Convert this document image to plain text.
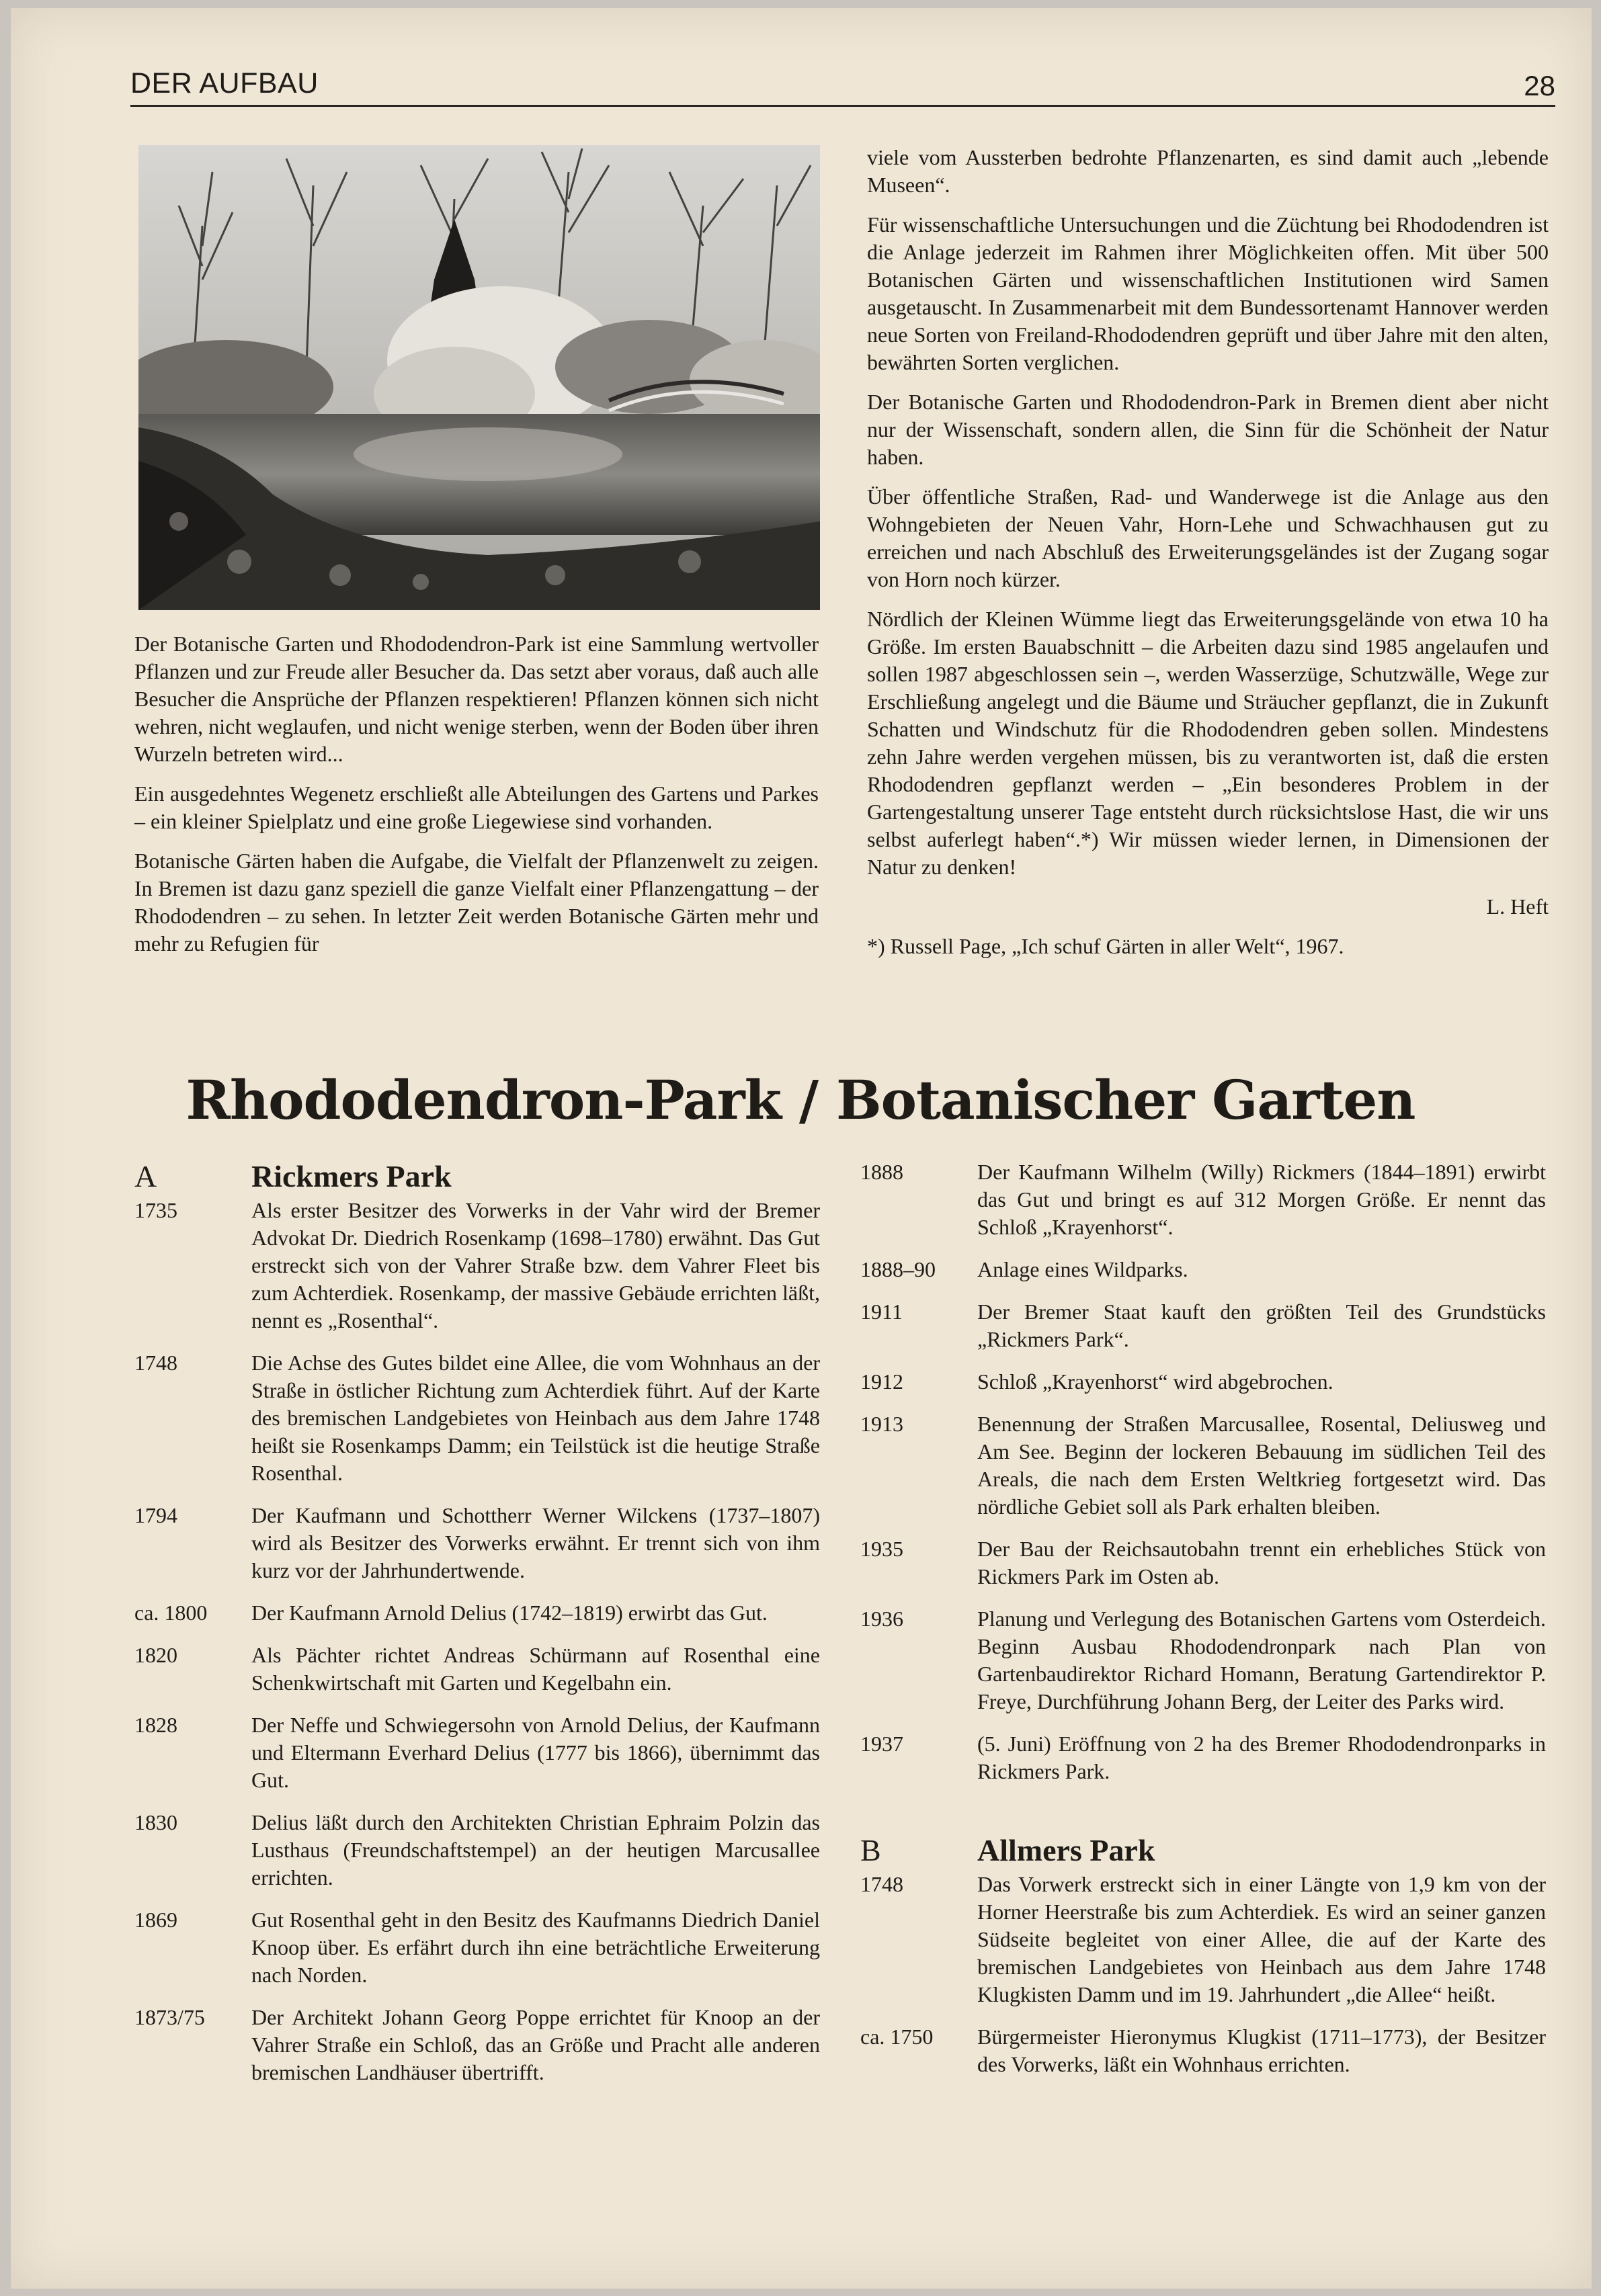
DER AUFBAU	28

Der Botanische Garten und Rhododendron-Park ist eine Sammlung wertvoller Pflanzen und zur Freude aller Besucher da. Das setzt aber voraus, daß auch alle Besucher die Ansprüche der Pflanzen respektieren! Pflanzen können sich nicht wehren, nicht weglaufen, und nicht wenige sterben, wenn der Boden über ihren Wurzeln betreten wird...

Ein ausgedehntes Wegenetz erschließt alle Abteilungen des Gartens und Parkes – ein kleiner Spielplatz und eine große Liegewiese sind vorhanden.

Botanische Gärten haben die Aufgabe, die Vielfalt der Pflanzenwelt zu zeigen. In Bremen ist dazu ganz speziell die ganze Vielfalt einer Pflanzengattung – der Rhododendren – zu sehen. In letzter Zeit werden Botanische Gärten mehr und mehr zu Refugien für

viele vom Aussterben bedrohte Pflanzenarten, es sind damit auch „lebende Museen“.

Für wissenschaftliche Untersuchungen und die Züchtung bei Rhododendren ist die Anlage jederzeit im Rahmen ihrer Möglichkeiten offen. Mit über 500 Botanischen Gärten und wissenschaftlichen Institutionen wird Samen ausgetauscht. In Zusammenarbeit mit dem Bundessortenamt Hannover werden neue Sorten von Freiland-Rhododendren geprüft und über Jahre mit den alten, bewährten Sorten verglichen.

Der Botanische Garten und Rhododendron-Park in Bremen dient aber nicht nur der Wissenschaft, sondern allen, die Sinn für die Schönheit der Natur haben.

Über öffentliche Straßen, Rad- und Wanderwege ist die Anlage aus den Wohngebieten der Neuen Vahr, Horn-Lehe und Schwachhausen gut zu erreichen und nach Abschluß des Erweiterungsgeländes ist der Zugang sogar von Horn noch kürzer.

Nördlich der Kleinen Wümme liegt das Erweiterungsgelände von etwa 10 ha Größe. Im ersten Bauabschnitt – die Arbeiten dazu sind 1985 angelaufen und sollen 1987 abgeschlossen sein –, werden Wasserzüge, Schutzwälle, Wege zur Erschließung angelegt und die Bäume und Sträucher gepflanzt, die in Zukunft Schatten und Windschutz für die Rhododendren geben sollen. Mindestens zehn Jahre werden vergehen müssen, bis zu verantworten ist, daß die ersten Rhododendren gepflanzt werden – „Ein besonderes Problem in der Gartengestaltung unserer Tage entsteht durch rücksichtslose Hast, die wir uns selbst auferlegt haben“.*) Wir müssen wieder lernen, in Dimensionen der Natur zu denken!

L. Heft

*) Russell Page, „Ich schuf Gärten in aller Welt“, 1967.

Rhododendron-Park / Botanischer Garten
A	Rickmers Park
1735	Als erster Besitzer des Vorwerks in der Vahr wird der Bremer Advokat Dr. Diedrich Rosenkamp (1698–1780) erwähnt. Das Gut erstreckt sich von der Vahrer Straße bzw. dem Vahrer Fleet bis zum Achterdiek. Rosenkamp, der massive Gebäude errichten läßt, nennt es „Rosenthal“.
1748	Die Achse des Gutes bildet eine Allee, die vom Wohnhaus an der Straße in östlicher Richtung zum Achterdiek führt. Auf der Karte des bremischen Landgebietes von Heinbach aus dem Jahre 1748 heißt sie Rosenkamps Damm; ein Teilstück ist die heutige Straße Rosenthal.
1794	Der Kaufmann und Schottherr Werner Wilckens (1737–1807) wird als Besitzer des Vorwerks erwähnt. Er trennt sich von ihm kurz vor der Jahrhundertwende.
ca. 1800	Der Kaufmann Arnold Delius (1742–1819) erwirbt das Gut.
1820	Als Pächter richtet Andreas Schürmann auf Rosenthal eine Schenkwirtschaft mit Garten und Kegelbahn ein.
1828	Der Neffe und Schwiegersohn von Arnold Delius, der Kaufmann und Eltermann Everhard Delius (1777 bis 1866), übernimmt das Gut.
1830	Delius läßt durch den Architekten Christian Ephraim Polzin das Lusthaus (Freundschaftstempel) an der heutigen Marcusallee errichten.
1869	Gut Rosenthal geht in den Besitz des Kaufmanns Diedrich Daniel Knoop über. Es erfährt durch ihn eine beträchtliche Erweiterung nach Norden.
1873/75	Der Architekt Johann Georg Poppe errichtet für Knoop an der Vahrer Straße ein Schloß, das an Größe und Pracht alle anderen bremischen Landhäuser übertrifft.
1888	Der Kaufmann Wilhelm (Willy) Rickmers (1844–1891) erwirbt das Gut und bringt es auf 312 Morgen Größe. Er nennt das Schloß „Krayenhorst“.
1888–90	Anlage eines Wildparks.
1911	Der Bremer Staat kauft den größten Teil des Grundstücks „Rickmers Park“.
1912	Schloß „Krayenhorst“ wird abgebrochen.
1913	Benennung der Straßen Marcusallee, Rosental, Deliusweg und Am See. Beginn der lockeren Bebauung im südlichen Teil des Areals, die nach dem Ersten Weltkrieg fortgesetzt wird. Das nördliche Gebiet soll als Park erhalten bleiben.
1935	Der Bau der Reichsautobahn trennt ein erhebliches Stück von Rickmers Park im Osten ab.
1936	Planung und Verlegung des Botanischen Gartens vom Osterdeich. Beginn Ausbau Rhododendronpark nach Plan von Gartenbaudirektor Richard Homann, Beratung Gartendirektor P. Freye, Durchführung Johann Berg, der Leiter des Parks wird.
1937	(5. Juni) Eröffnung von 2 ha des Bremer Rhododendronparks in Rickmers Park.
B	Allmers Park
1748	Das Vorwerk erstreckt sich in einer Längte von 1,9 km von der Horner Heerstraße bis zum Achterdiek. Es wird an seiner ganzen Südseite begleitet von einer Allee, die auf der Karte des bremischen Landgebietes von Heinbach aus dem Jahre 1748 Klugkisten Damm und im 19. Jahrhundert „die Allee“ heißt.
ca. 1750	Bürgermeister Hieronymus Klugkist (1711–1773), der Besitzer des Vorwerks, läßt ein Wohnhaus errichten.
